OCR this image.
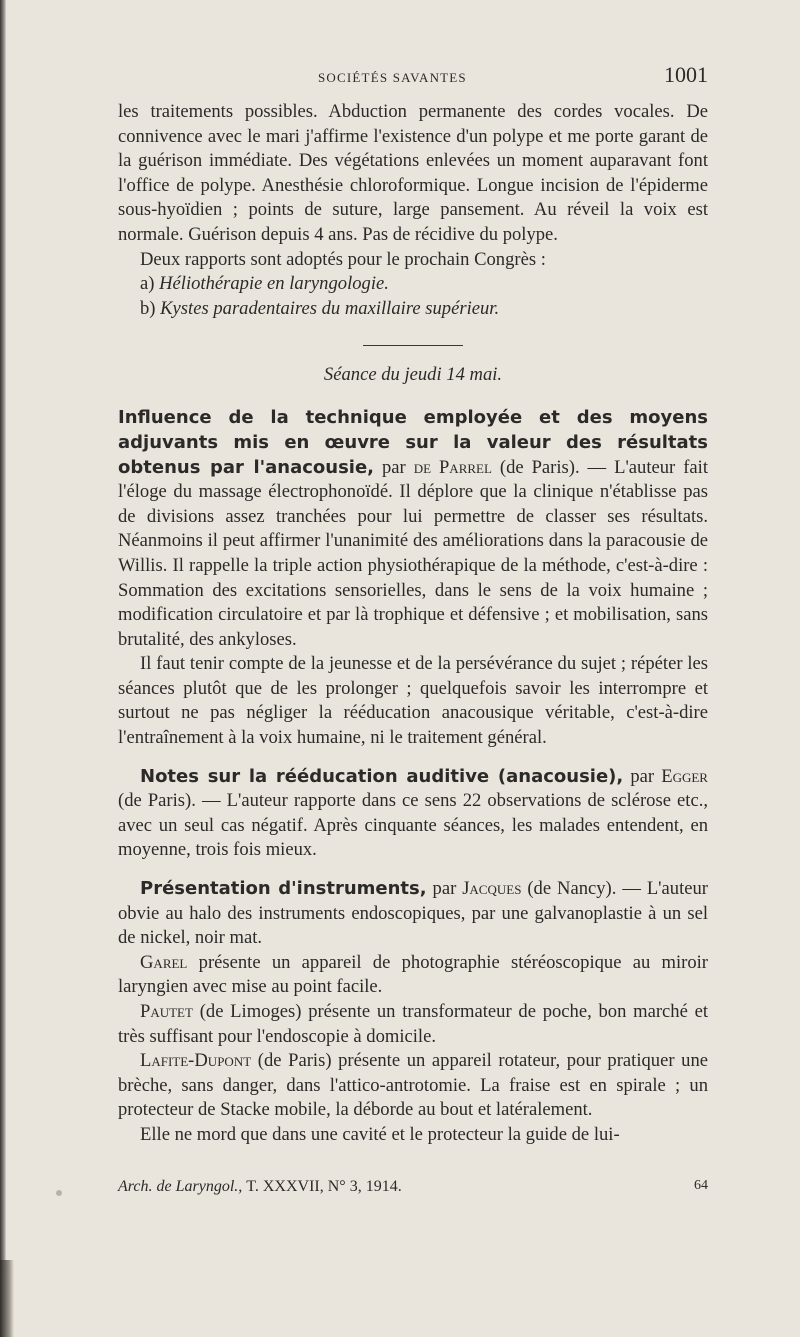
SOCIÉTÉS SAVANTES	1001

les traitements possibles. Abduction permanente des cordes vocales. De connivence avec le mari j'affirme l'existence d'un polype et me porte garant de la guérison immédiate. Des végétations enlevées un moment auparavant font l'office de polype. Anesthésie chloroformique. Longue incision de l'épiderme sous-hyoïdien ; points de suture, large pansement. Au réveil la voix est normale. Guérison depuis 4 ans. Pas de récidive du polype.

Deux rapports sont adoptés pour le prochain Congrès :

a) Héliothérapie en laryngologie.

b) Kystes paradentaires du maxillaire supérieur.

Séance du jeudi 14 mai.

Influence de la technique employée et des moyens adjuvants mis en œuvre sur la valeur des résultats obtenus par l'anacousie, par de Parrel (de Paris). — L'auteur fait l'éloge du massage électrophonoïdé. Il déplore que la clinique n'établisse pas de divisions assez tranchées pour lui permettre de classer ses résultats. Néanmoins il peut affirmer l'unanimité des améliorations dans la paracousie de Willis. Il rappelle la triple action physiothérapique de la méthode, c'est-à-dire : Sommation des excitations sensorielles, dans le sens de la voix humaine ; modification circulatoire et par là trophique et défensive ; et mobilisation, sans brutalité, des ankyloses.

Il faut tenir compte de la jeunesse et de la persévérance du sujet ; répéter les séances plutôt que de les prolonger ; quelquefois savoir les interrompre et surtout ne pas négliger la rééducation anacousique véritable, c'est-à-dire l'entraînement à la voix humaine, ni le traitement général.

Notes sur la rééducation auditive (anacousie), par Egger (de Paris). — L'auteur rapporte dans ce sens 22 observations de sclérose etc., avec un seul cas négatif. Après cinquante séances, les malades entendent, en moyenne, trois fois mieux.

Présentation d'instruments, par Jacques (de Nancy). — L'auteur obvie au halo des instruments endoscopiques, par une galvanoplastie à un sel de nickel, noir mat.

Garel présente un appareil de photographie stéréoscopique au miroir laryngien avec mise au point facile.

Pautet (de Limoges) présente un transformateur de poche, bon marché et très suffisant pour l'endoscopie à domicile.

Lafite-Dupont (de Paris) présente un appareil rotateur, pour pratiquer une brèche, sans danger, dans l'attico-antrotomie. La fraise est en spirale ; un protecteur de Stacke mobile, la déborde au bout et latéralement.

Elle ne mord que dans une cavité et le protecteur la guide de lui-

Arch. de Laryngol., T. XXXVII, N° 3, 1914.	64
